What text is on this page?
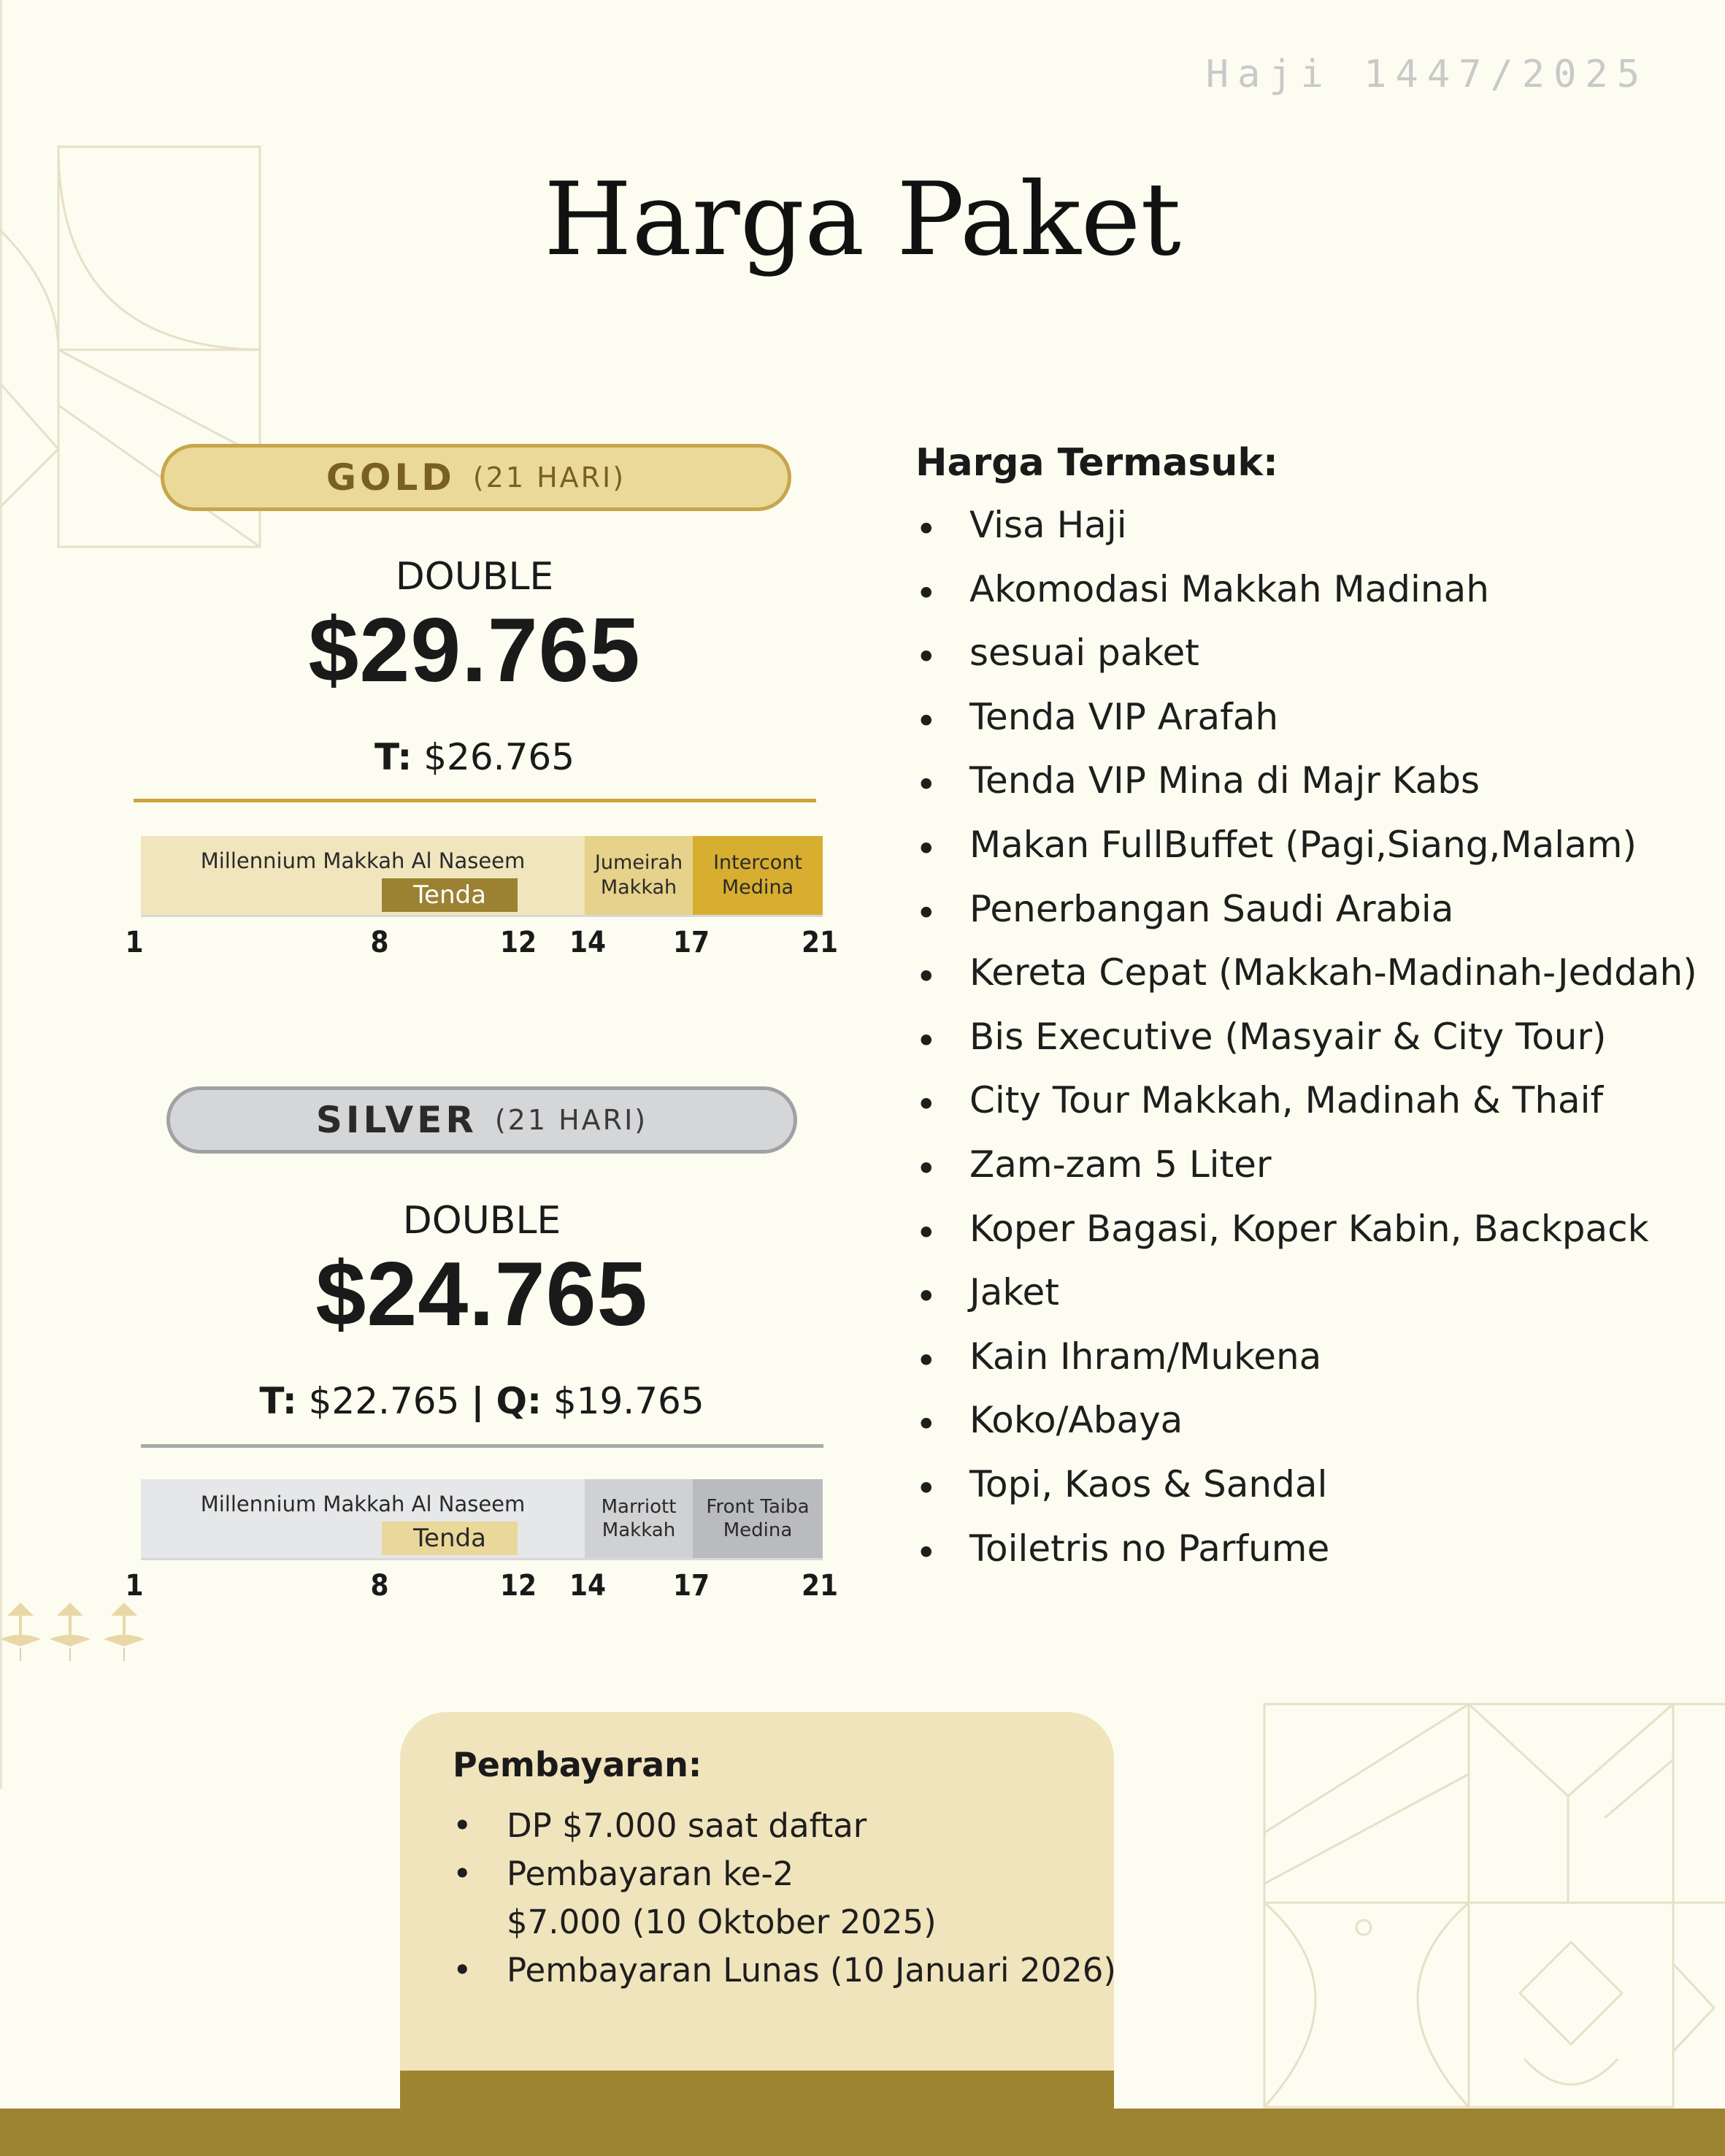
Haji 1447/2025
Harga Paket
GOLD (21 HARI)
DOUBLE
$29.765
T: $26.765
Millennium Makkah Al Naseem
Tenda
Jumeirah Makkah
Intercont Medina
1	8	12 14 17	21
SILVER (21 HARI)
DOUBLE
$24.765
T: $22.765 | Q: $19.765
Millennium Makkah Al Naseem
Tenda
Marriott Makkah
Front Taiba Medina
1	8	12 14 17	21
Harga Termasuk:
• Visa Haji
• Akomodasi Makkah Madinah
• sesuai paket
• Tenda VIP Arafah
• Tenda VIP Mina di Majr Kabs
• Makan FullBuffet (Pagi,Siang,Malam)
• Penerbangan Saudi Arabia
• Kereta Cepat (Makkah-Madinah-Jeddah)
• Bis Executive (Masyair & City Tour)
• City Tour Makkah, Madinah & Thaif
• Zam-zam 5 Liter
• Koper Bagasi, Koper Kabin, Backpack
• Jaket
• Kain Ihram/Mukena
• Koko/Abaya
• Topi, Kaos & Sandal
• Toiletris no Parfume
Pembayaran:
• DP $7.000 saat daftar
• Pembayaran ke-2
$7.000 (10 Oktober 2025)
• Pembayaran Lunas (10 Januari 2026)
